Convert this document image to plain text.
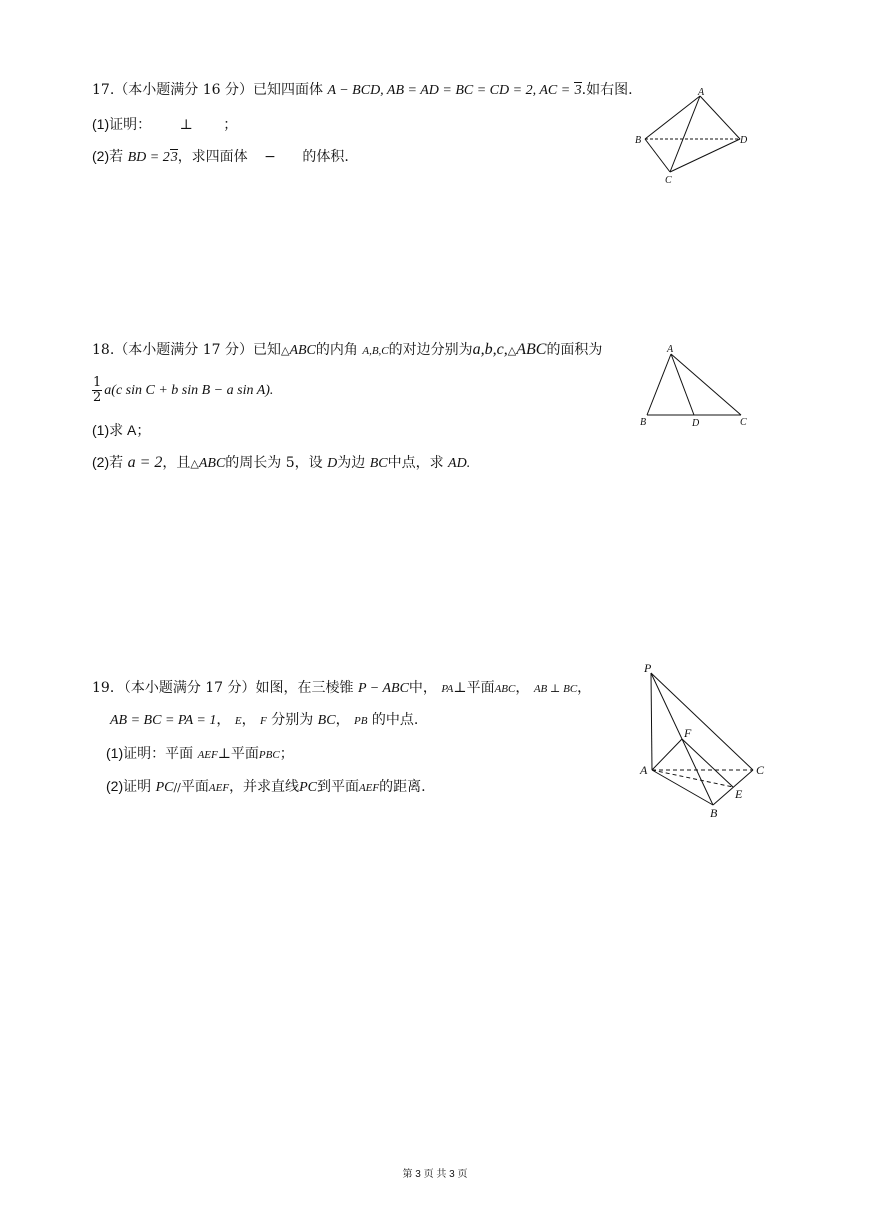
17.（本小题满分 16 分）已知四面体 A − BCD, AB = AD = BC = CD = 2, AC = 3.如右图.
(1)证明： ⊥ ；
(2)若 BD = 23，求四面体 − 的体积.
A
B
C
D
18.（本小题满分 17 分）已知△ABC的内角 A,B,C的对边分别为a,b,c,△ABC的面积为
$\frac{1}{2} a(c$ sin C + b sin B − a sin A).
(1)求 A；
(2)若 a = 2，且△ABC的周长为 5，设 D为边 BC中点，求 AD.
A
B	D	C
19．（本小题满分 17 分）如图，在三棱锥 P − ABC中， PA⊥平面ABC， AB ⊥ BC，
AB = BC = PA = 1， E， F 分别为 BC， PB 的中点.
(1)证明：平面 AEF⊥平面PBC；
(2)证明 PC//平面AEF，并求直线PC到平面AEF的距离.
P
F
A	C
E
B
第 3 页 共 3 页
